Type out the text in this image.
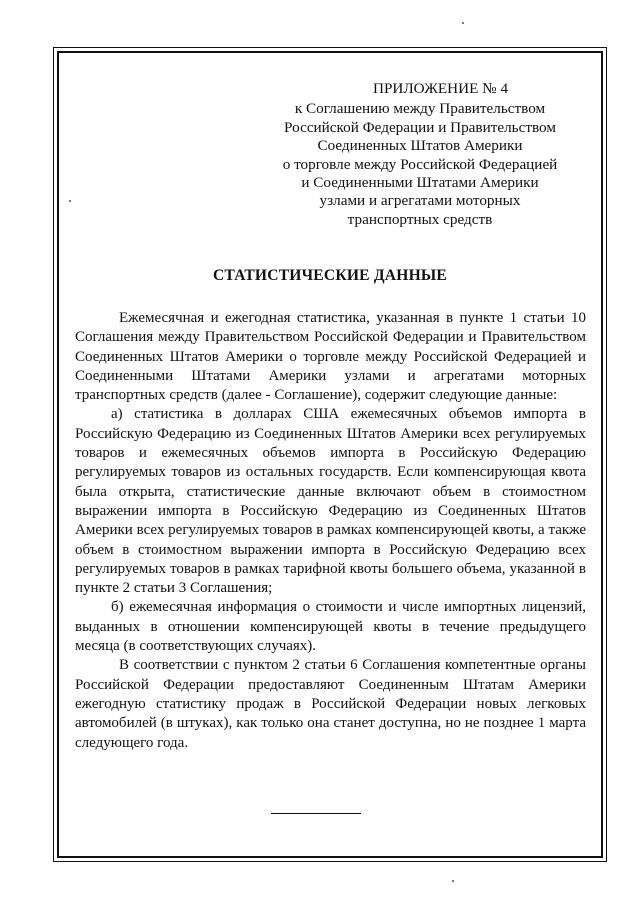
ПРИЛОЖЕНИЕ № 4
к Соглашению между Правительством
Российской Федерации и Правительством
Соединенных Штатов Америки
о торговле между Российской Федерацией
и Соединенными Штатами Америки
узлами и агрегатами моторных
транспортных средств
СТАТИСТИЧЕСКИЕ ДАННЫЕ

Ежемесячная и ежегодная статистика, указанная в пункте 1 статьи 10 Соглашения между Правительством Российской Федерации и Правительством Соединенных Штатов Америки о торговле между Российской Федерацией и Соединенными Штатами Америки узлами и агрегатами моторных транспортных средств (далее - Соглашение), содержит следующие данные:

а) статистика в долларах США ежемесячных объемов импорта в Российскую Федерацию из Соединенных Штатов Америки всех регулируемых товаров и ежемесячных объемов импорта в Российскую Федерацию регулируемых товаров из остальных государств. Если компенсирующая квота была открыта, статистические данные включают объем в стоимостном выражении импорта в Российскую Федерацию из Соединенных Штатов Америки всех регулируемых товаров в рамках компенсирующей квоты, а также объем в стоимостном выражении импорта в Российскую Федерацию всех регулируемых товаров в рамках тарифной квоты большего объема, указанной в пункте 2 статьи 3 Соглашения;

б) ежемесячная информация о стоимости и числе импортных лицензий, выданных в отношении компенсирующей квоты в течение предыдущего месяца (в соответствующих случаях).

В соответствии с пунктом 2 статьи 6 Соглашения компетентные органы Российской Федерации предоставляют Соединенным Штатам Америки ежегодную статистику продаж в Российской Федерации новых легковых автомобилей (в штуках), как только она станет доступна, но не позднее 1 марта следующего года.
